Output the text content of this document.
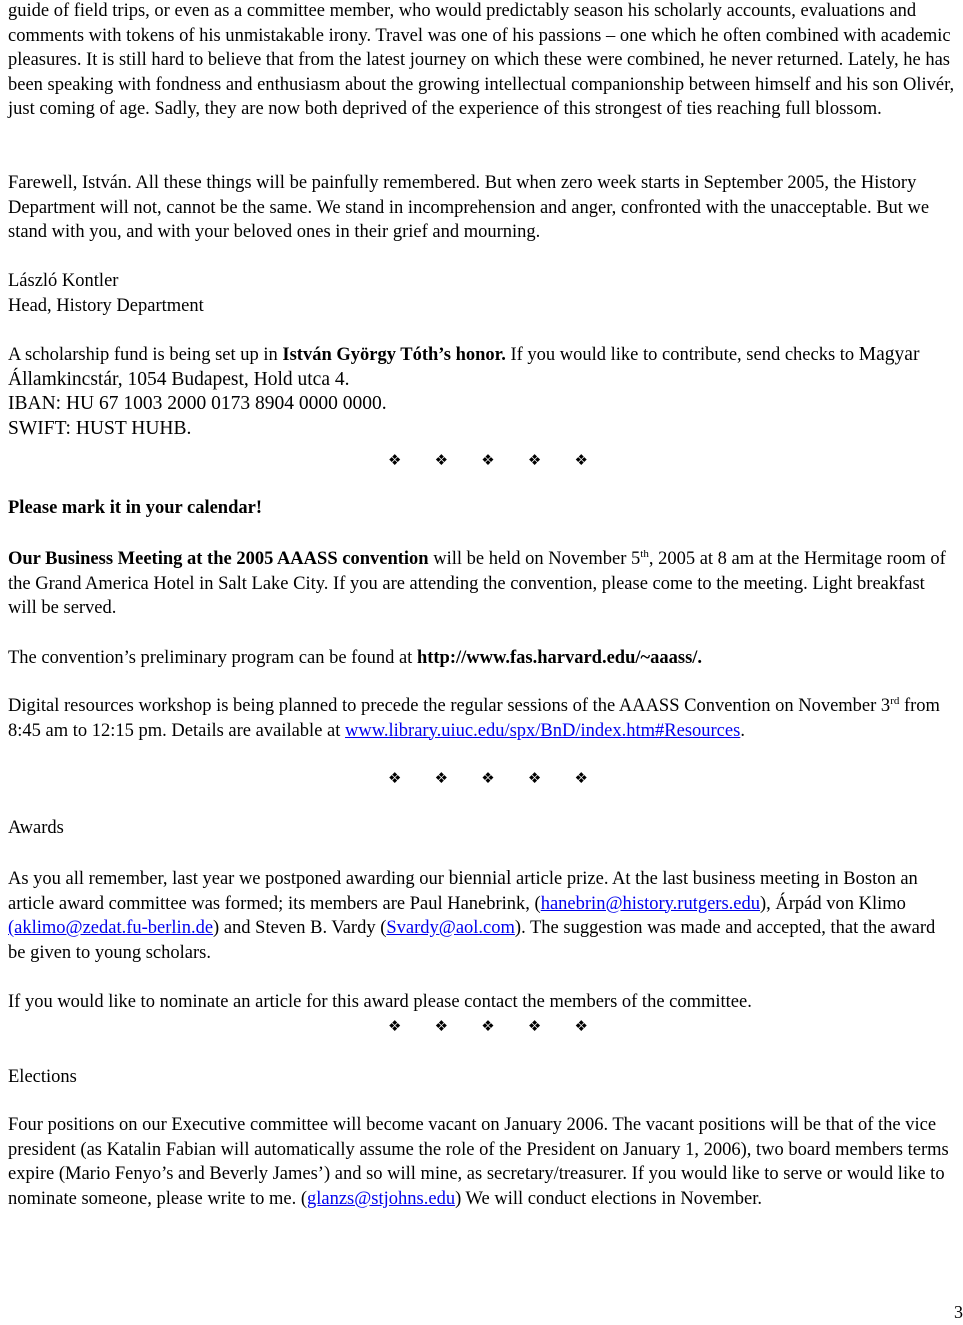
guide of field trips, or even as a committee member, who would predictably season his scholarly accounts, evaluations and comments with tokens of his unmistakable irony. Travel was one of his passions – one which he often combined with academic pleasures. It is still hard to believe that from the latest journey on which these were combined, he never returned. Lately, he has been speaking with fondness and enthusiasm about the growing intellectual companionship between himself and his son Olivér, just coming of age. Sadly, they are now both deprived of the experience of this strongest of ties reaching full blossom.

Farewell, István. All these things will be painfully remembered. But when zero week starts in September 2005, the History Department will not, cannot be the same. We stand in incomprehension and anger, confronted with the unacceptable. But we stand with you, and with your beloved ones in their grief and mourning.

László Kontler

Head, History Department

A scholarship fund is being set up in István György Tóth’s honor. If you would like to contribute, send checks to Magyar Államkincstár, 1054 Budapest, Hold utca 4.

IBAN: HU 67 1003 2000 0173 8904 0000 0000.

SWIFT: HUST HUHB.

❖ ❖ ❖ ❖ ❖

Please mark it in your calendar!

Our Business Meeting at the 2005 AAASS convention will be held on November 5th, 2005 at 8 am at the Hermitage room of the Grand America Hotel in Salt Lake City. If you are attending the convention, please come to the meeting. Light breakfast will be served.

The convention’s preliminary program can be found at http://www.fas.harvard.edu/~aaass/.

Digital resources workshop is being planned to precede the regular sessions of the AAASS Convention on November 3rd from 8:45 am to 12:15 pm. Details are available at www.library.uiuc.edu/spx/BnD/index.htm#Resources.

❖ ❖ ❖ ❖ ❖

Awards

As you all remember, last year we postponed awarding our biennial article prize. At the last business meeting in Boston an article award committee was formed; its members are Paul Hanebrink, (hanebrin@history.rutgers.edu), Árpád von Klimo (aklimo@zedat.fu-berlin.de) and Steven B. Vardy (Svardy@aol.com). The suggestion was made and accepted, that the award be given to young scholars.

If you would like to nominate an article for this award please contact the members of the committee.

❖ ❖ ❖ ❖ ❖

Elections

Four positions on our Executive committee will become vacant on January 2006. The vacant positions will be that of the vice president (as Katalin Fabian will automatically assume the role of the President on January 1, 2006), two board members terms expire (Mario Fenyo’s and Beverly James’) and so will mine, as secretary/treasurer. If you would like to serve or would like to nominate someone, please write to me. (glanzs@stjohns.edu) We will conduct elections in November.

3
